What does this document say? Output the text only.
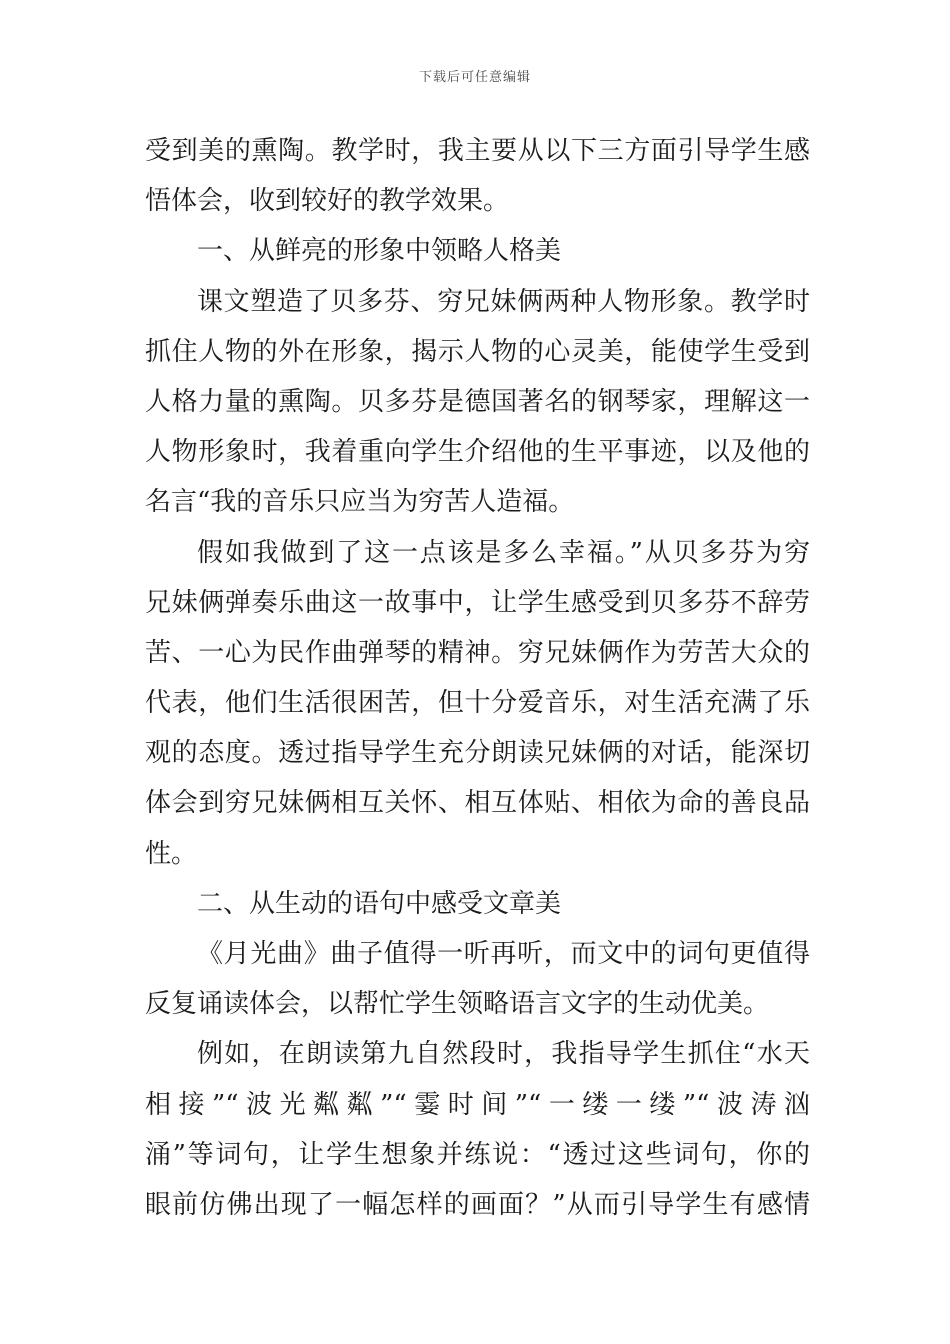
下载后可任意编辑
受到美的熏陶。教学时，我主要从以下三方面引导学生感
悟体会，收到较好的教学效果。
一、从鲜亮的形象中领略人格美
课文塑造了贝多芬、穷兄妹俩两种人物形象。教学时
抓住人物的外在形象，揭示人物的心灵美，能使学生受到
人格力量的熏陶。贝多芬是德国著名的钢琴家，理解这一
人物形象时，我着重向学生介绍他的生平事迹，以及他的
名言“我的音乐只应当为穷苦人造福。
假如我做到了这一点该是多么幸福。”从贝多芬为穷
兄妹俩弹奏乐曲这一故事中，让学生感受到贝多芬不辞劳
苦、一心为民作曲弹琴的精神。穷兄妹俩作为劳苦大众的
代表，他们生活很困苦，但十分爱音乐，对生活充满了乐
观的态度。透过指导学生充分朗读兄妹俩的对话，能深切
体会到穷兄妹俩相互关怀、相互体贴、相依为命的善良品
性。
二、从生动的语句中感受文章美
《月光曲》曲子值得一听再听，而文中的词句更值得
反复诵读体会，以帮忙学生领略语言文字的生动优美。
例如，在朗读第九自然段时，我指导学生抓住“水天
相接”“波光粼粼”“霎时间”“一缕一缕”“波涛汹
涌”等词句，让学生想象并练说：“透过这些词句，你的
眼前仿佛出现了一幅怎样的画面？”从而引导学生有感情
